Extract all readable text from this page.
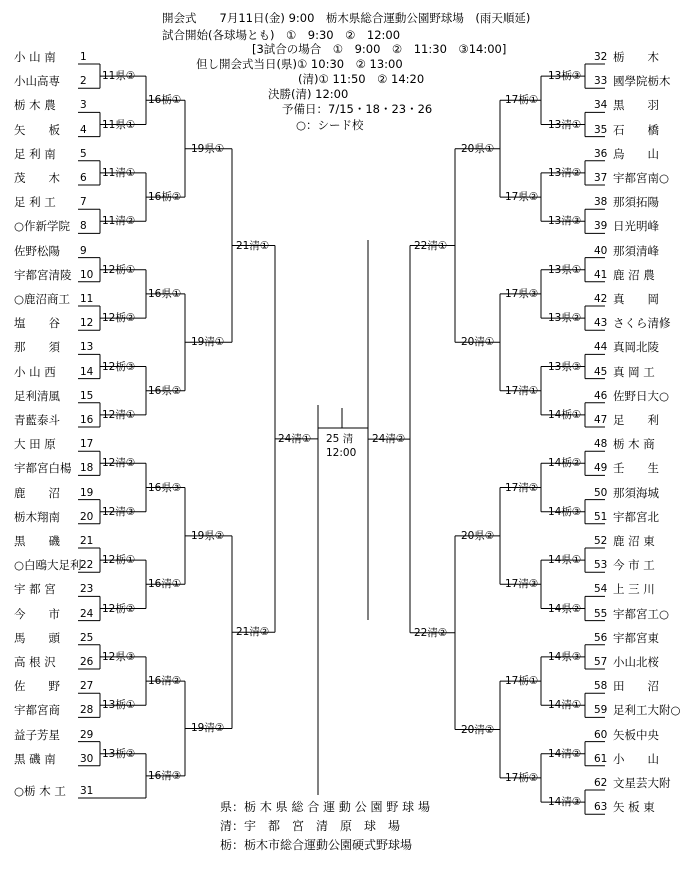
開会式　　7月11日(金) 9:00　栃木県総合運動公園野球場　(雨天順延)
試合開始(各球場とも)　①　9:30　②　12:00
[3試合の場合　①　9:00　②　11:30　③14:00]
但し開会式当日(県)① 10:30　② 13:00
(清)① 11:50　② 14:20
決勝(清) 12:00
予備日：7/15・18・23・26
○：シード校
小 山 南 1
小山高専 2
栃 木 農 3
矢　　板 4
足 利 南 5
茂　　木 6
足 利 工 7
○作新学院 8
佐野松陽 9
宇都宮清陵 10
○鹿沼商工 11
塩　　谷 12
那　　須 13
小 山 西 14
足利清風 15
青藍泰斗 16
大 田 原 17
宇都宮白楊 18
鹿　　沼 19
栃木翔南 20
黒　　磯 21
○白鴎大足利
22
宇 都 宮 23
今　　市 24
馬　　頭 25
高 根 沢 26
佐　　野 27
宇都宮商 28
益子芳星 29
黒 磯 南 30
○栃 木 工 31
32 栃　　木
33 國學院栃木
34 黒　　羽
35 石　　橋
36 烏　　山
37 宇都宮南○
38 那須拓陽
39 日光明峰
40 那須清峰
41 鹿 沼 農
42 真　　岡
43 さくら清修
44 真岡北陵
45 真 岡 工
46 佐野日大○
47 足　　利
48 栃 木 商
49 壬　　生
50 那須海城
51 宇都宮北
52 鹿 沼 東
53 今 市 工
54 上 三 川
55 宇都宮工○
56 宇都宮東
57 小山北桜
58 田　　沼
59 足利工大附○
60 矢板中央
61 小　　山
62 文星芸大附
63 矢 板 東
11県②
11県①
11清①
11清②
12栃①
12栃②
12栃③
12清①
12清②
12清③
12栃①
12栃②
12県③
13栃①
13栃②
16栃①
16栃②
16県①
16県②
16県③
16清①
16清②
16清③
19県①
19清①
19県②
19清②
21清①
21清②
24清①
13栃③
13清①
13清②
13清③
13県①
13県②
13県③
14栃①
14栃②
14栃③
14県①
14県②
14県③
14清①
14清②
14清③
17栃①
17県②
17県③
17清①
17清②
17清③
17栃①
17栃②
20県①
20清①
20県②
20清②
22清①
22清②
24清②
25 清
12:00
県：栃 木 県 総 合 運 動 公 園 野 球 場
清：宇　都　宮　清　原　球　場
栃：栃木市総合運動公園硬式野球場
